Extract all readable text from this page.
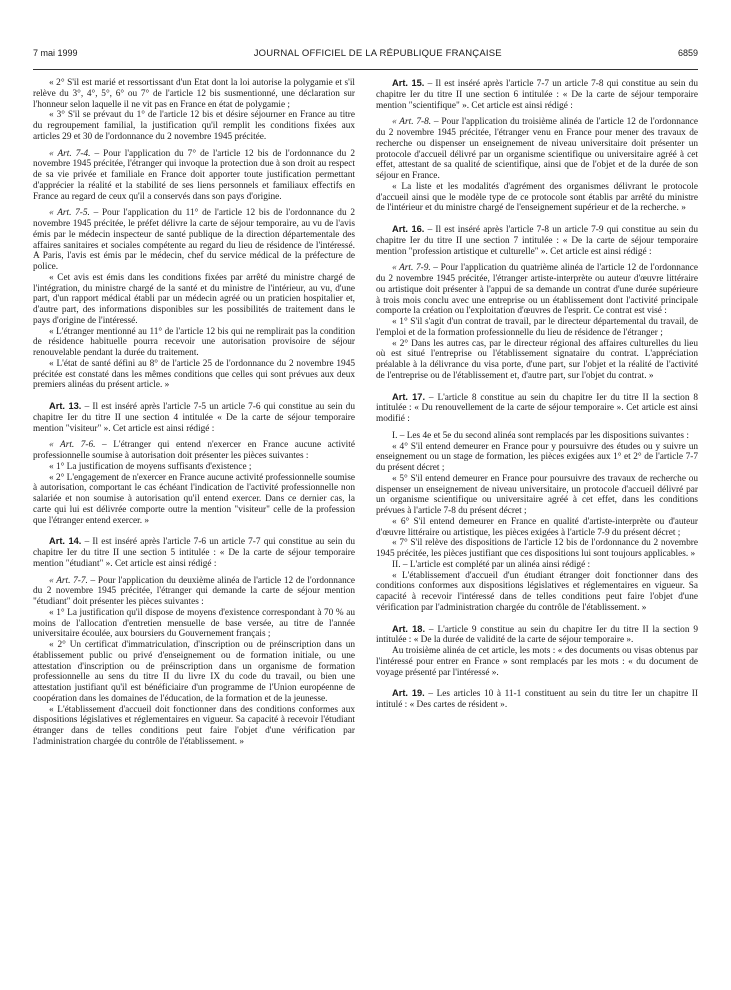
7 mai 1999	JOURNAL OFFICIEL DE LA RÉPUBLIQUE FRANÇAISE	6859

« 2° S'il est marié et ressortissant d'un Etat dont la loi autorise la polygamie et s'il relève du 3°, 4°, 5°, 6° ou 7° de l'article 12 bis susmentionné, une déclaration sur l'honneur selon laquelle il ne vit pas en France en état de polygamie ;

« 3° S'il se prévaut du 1° de l'article 12 bis et désire séjourner en France au titre du regroupement familial, la justification qu'il remplit les conditions fixées aux articles 29 et 30 de l'ordonnance du 2 novembre 1945 précitée.

« Art. 7-4. – Pour l'application du 7° de l'article 12 bis de l'ordonnance du 2 novembre 1945 précitée, l'étranger qui invoque la protection due à son droit au respect de sa vie privée et familiale en France doit apporter toute justification permettant d'apprécier la réalité et la stabilité de ses liens personnels et familiaux effectifs en France au regard de ceux qu'il a conservés dans son pays d'origine.

« Art. 7-5. – Pour l'application du 11° de l'article 12 bis de l'ordonnance du 2 novembre 1945 précitée, le préfet délivre la carte de séjour temporaire, au vu de l'avis émis par le médecin inspecteur de santé publique de la direction départementale des affaires sanitaires et sociales compétente au regard du lieu de résidence de l'intéressé. A Paris, l'avis est émis par le médecin, chef du service médical de la préfecture de police.

« Cet avis est émis dans les conditions fixées par arrêté du ministre chargé de l'intégration, du ministre chargé de la santé et du ministre de l'intérieur, au vu, d'une part, d'un rapport médical établi par un médecin agréé ou un praticien hospitalier et, d'autre part, des informations disponibles sur les possibilités de traitement dans le pays d'origine de l'intéressé.

« L'étranger mentionné au 11° de l'article 12 bis qui ne remplirait pas la condition de résidence habituelle pourra recevoir une autorisation provisoire de séjour renouvelable pendant la durée du traitement.

« L'état de santé défini au 8° de l'article 25 de l'ordonnance du 2 novembre 1945 précitée est constaté dans les mêmes conditions que celles qui sont prévues aux deux premiers alinéas du présent article. »

Art. 13. – Il est inséré après l'article 7-5 un article 7-6 qui constitue au sein du chapitre Ier du titre II une section 4 intitulée « De la carte de séjour temporaire mention "visiteur" ». Cet article est ainsi rédigé :

« Art. 7-6. – L'étranger qui entend n'exercer en France aucune activité professionnelle soumise à autorisation doit présenter les pièces suivantes :

« 1° La justification de moyens suffisants d'existence ;

« 2° L'engagement de n'exercer en France aucune activité professionnelle soumise à autorisation, comportant le cas échéant l'indication de l'activité professionnelle non salariée et non soumise à autorisation qu'il entend exercer. Dans ce dernier cas, la carte qui lui est délivrée comporte outre la mention "visiteur" celle de la profession que l'étranger entend exercer. »

Art. 14. – Il est inséré après l'article 7-6 un article 7-7 qui constitue au sein du chapitre Ier du titre II une section 5 intitulée : « De la carte de séjour temporaire mention "étudiant" ». Cet article est ainsi rédigé :

« Art. 7-7. – Pour l'application du deuxième alinéa de l'article 12 de l'ordonnance du 2 novembre 1945 précitée, l'étranger qui demande la carte de séjour mention "étudiant" doit présenter les pièces suivantes :

« 1° La justification qu'il dispose de moyens d'existence correspondant à 70 % au moins de l'allocation d'entretien mensuelle de base versée, au titre de l'année universitaire écoulée, aux boursiers du Gouvernement français ;

« 2° Un certificat d'immatriculation, d'inscription ou de préinscription dans un établissement public ou privé d'enseignement ou de formation initiale, ou une attestation d'inscription ou de préinscription dans un organisme de formation professionnelle au sens du titre II du livre IX du code du travail, ou bien une attestation justifiant qu'il est bénéficiaire d'un programme de l'Union européenne de coopération dans les domaines de l'éducation, de la formation et de la jeunesse.

« L'établissement d'accueil doit fonctionner dans des conditions conformes aux dispositions législatives et réglementaires en vigueur. Sa capacité à recevoir l'étudiant étranger dans de telles conditions peut faire l'objet d'une vérification par l'administration chargée du contrôle de l'établissement. »

Art. 15. – Il est inséré après l'article 7-7 un article 7-8 qui constitue au sein du chapitre Ier du titre II une section 6 intitulée : « De la carte de séjour temporaire mention "scientifique" ». Cet article est ainsi rédigé :

« Art. 7-8. – Pour l'application du troisième alinéa de l'article 12 de l'ordonnance du 2 novembre 1945 précitée, l'étranger venu en France pour mener des travaux de recherche ou dispenser un enseignement de niveau universitaire doit présenter un protocole d'accueil délivré par un organisme scientifique ou universitaire agréé à cet effet, attestant de sa qualité de scientifique, ainsi que de l'objet et de la durée de son séjour en France.

« La liste et les modalités d'agrément des organismes délivrant le protocole d'accueil ainsi que le modèle type de ce protocole sont établis par arrêté du ministre de l'intérieur et du ministre chargé de l'enseignement supérieur et de la recherche. »

Art. 16. – Il est inséré après l'article 7-8 un article 7-9 qui constitue au sein du chapitre Ier du titre II une section 7 intitulée : « De la carte de séjour temporaire mention "profession artistique et culturelle" ». Cet article est ainsi rédigé :

« Art. 7-9. – Pour l'application du quatrième alinéa de l'article 12 de l'ordonnance du 2 novembre 1945 précitée, l'étranger artiste-interprète ou auteur d'œuvre littéraire ou artistique doit présenter à l'appui de sa demande un contrat d'une durée supérieure à trois mois conclu avec une entreprise ou un établissement dont l'activité principale comporte la création ou l'exploitation d'œuvres de l'esprit. Ce contrat est visé :

« 1° S'il s'agit d'un contrat de travail, par le directeur départemental du travail, de l'emploi et de la formation professionnelle du lieu de résidence de l'étranger ;

« 2° Dans les autres cas, par le directeur régional des affaires culturelles du lieu où est situé l'entreprise ou l'établissement signataire du contrat. L'appréciation préalable à la délivrance du visa porte, d'une part, sur l'objet et la réalité de l'activité de l'entreprise ou de l'établissement et, d'autre part, sur l'objet du contrat. »

Art. 17. – L'article 8 constitue au sein du chapitre Ier du titre II la section 8 intitulée : « Du renouvellement de la carte de séjour temporaire ». Cet article est ainsi modifié :

I. – Les 4e et 5e du second alinéa sont remplacés par les dispositions suivantes :

« 4° S'il entend demeurer en France pour y poursuivre des études ou y suivre un enseignement ou un stage de formation, les pièces exigées aux 1° et 2° de l'article 7-7 du présent décret ;

« 5° S'il entend demeurer en France pour poursuivre des travaux de recherche ou dispenser un enseignement de niveau universitaire, un protocole d'accueil délivré par un organisme scientifique ou universitaire agréé à cet effet, dans les conditions prévues à l'article 7-8 du présent décret ;

« 6° S'il entend demeurer en France en qualité d'artiste-interprète ou d'auteur d'œuvre littéraire ou artistique, les pièces exigées à l'article 7-9 du présent décret ;

« 7° S'il relève des dispositions de l'article 12 bis de l'ordonnance du 2 novembre 1945 précitée, les pièces justifiant que ces dispositions lui sont toujours applicables. »

II. – L'article est complété par un alinéa ainsi rédigé :

« L'établissement d'accueil d'un étudiant étranger doit fonctionner dans des conditions conformes aux dispositions législatives et réglementaires en vigueur. Sa capacité à recevoir l'intéressé dans de telles conditions peut faire l'objet d'une vérification par l'administration chargée du contrôle de l'établissement. »

Art. 18. – L'article 9 constitue au sein du chapitre Ier du titre II la section 9 intitulée : « De la durée de validité de la carte de séjour temporaire ».

Au troisième alinéa de cet article, les mots : « des documents ou visas obtenus par l'intéressé pour entrer en France » sont remplacés par les mots : « du document de voyage présenté par l'intéressé ».

Art. 19. – Les articles 10 à 11-1 constituent au sein du titre Ier un chapitre II intitulé : « Des cartes de résident ».
